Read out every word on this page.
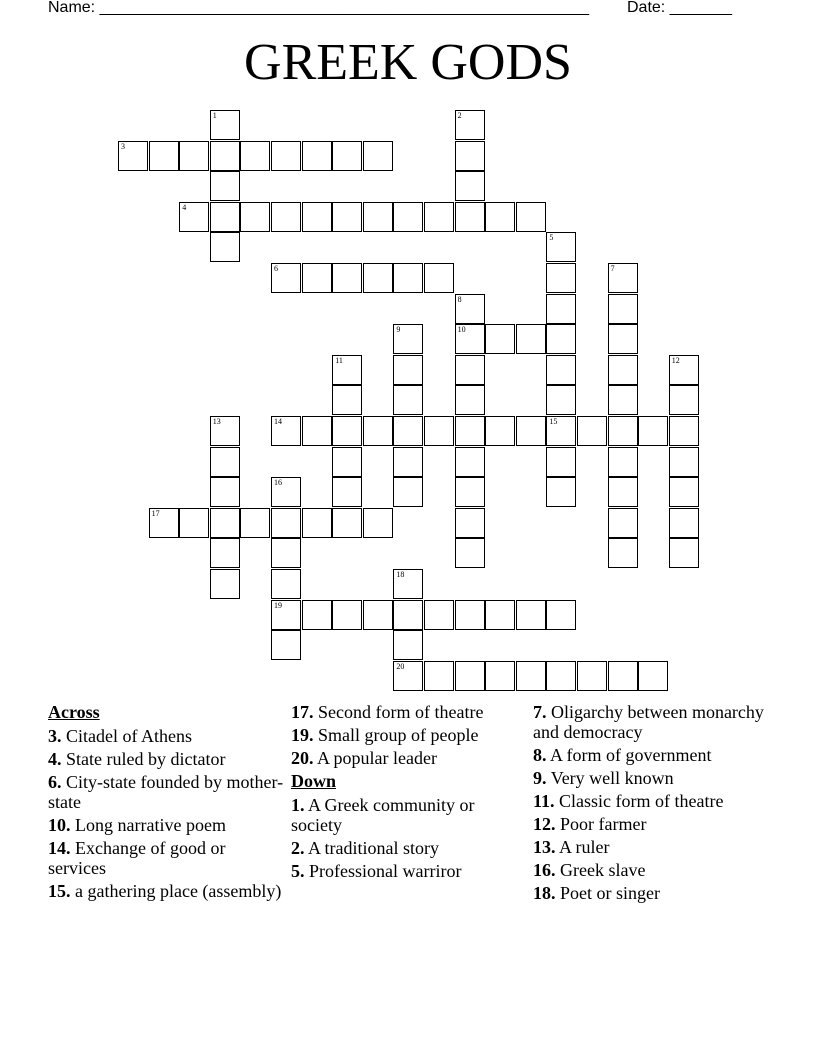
Name: _______________________________________________________ Date: _______
GREEK GODS
1	2
3
4
5
15
6	7
8
10
9
11	12
13	14
16
19
17
18
20
Across
3. Citadel of Athens
4. State ruled by dictator
6. City-state founded by mother-state
10. Long narrative poem
14. Exchange of good or services
15. a gathering place (assembly)
17. Second form of theatre
19. Small group of people
20. A popular leader
Down
1. A Greek community or society
2. A traditional story
5. Professional warriror
7. Oligarchy between monarchy and democracy
8. A form of government
9. Very well known
11. Classic form of theatre
12. Poor farmer
13. A ruler
16. Greek slave
18. Poet or singer
